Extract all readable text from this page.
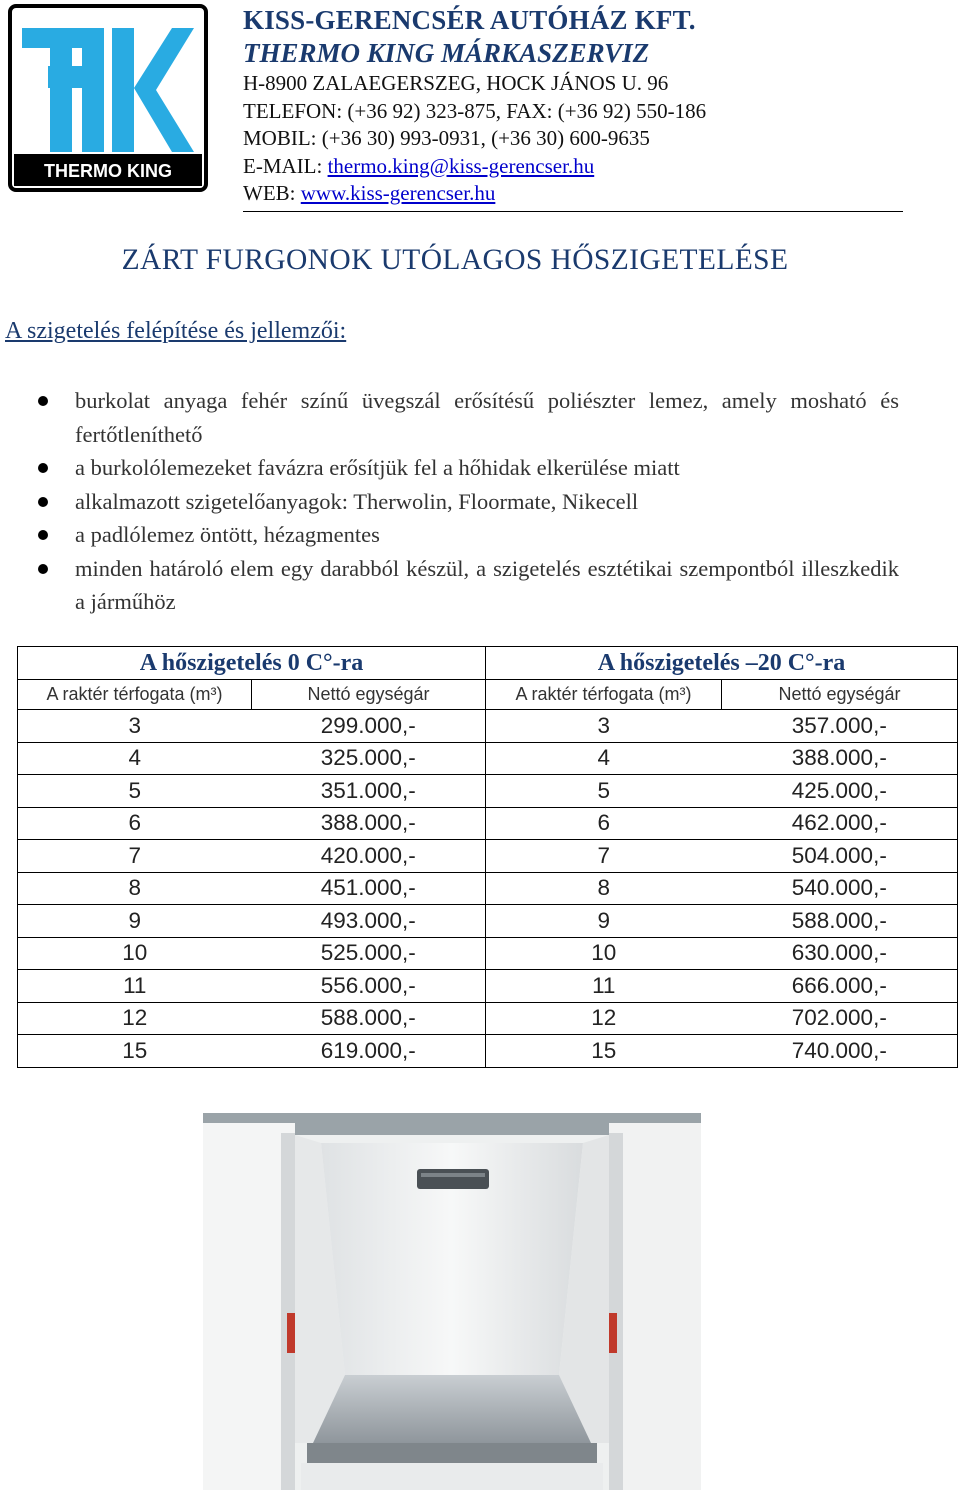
THERMO KING
KISS-GERENCSÉR AUTÓHÁZ KFT.
THERMO KING MÁRKASZERVIZ
H-8900 ZALAEGERSZEG, HOCK JÁNOS U. 96
TELEFON: (+36 92) 323-875, FAX: (+36 92) 550-186
MOBIL: (+36 30) 993-0931, (+36 30) 600-9635
E-MAIL: thermo.king@kiss-gerencser.hu
WEB: www.kiss-gerencser.hu
ZÁRT FURGONOK UTÓLAGOS HŐSZIGETELÉSE
A szigetelés felépítése és jellemzői:
burkolat anyaga fehér színű üvegszál erősítésű poliészter lemez, amely mosható és fertőtleníthető
a burkolólemezeket favázra erősítjük fel a hőhidak elkerülése miatt
alkalmazott szigetelőanyagok: Therwolin, Floormate, Nikecell
a padlólemez öntött, hézagmentes
minden határoló elem egy darabból készül, a szigetelés esztétikai szempontból illeszkedik a járműhöz
A hőszigetelés 0 C°-ra		A hőszigetelés –20 C°-ra	
A raktér térfogata (m³)	Nettó egységár	A raktér térfogata (m³)	Nettó egységár
3	299.000,-	3	357.000,-
4	325.000,-	4	388.000,-
5	351.000,-	5	425.000,-
6	388.000,-	6	462.000,-
7	420.000,-	7	504.000,-
8	451.000,-	8	540.000,-
9	493.000,-	9	588.000,-
10	525.000,-	10	630.000,-
11	556.000,-	11	666.000,-
12	588.000,-	12	702.000,-
15	619.000,-	15	740.000,-
